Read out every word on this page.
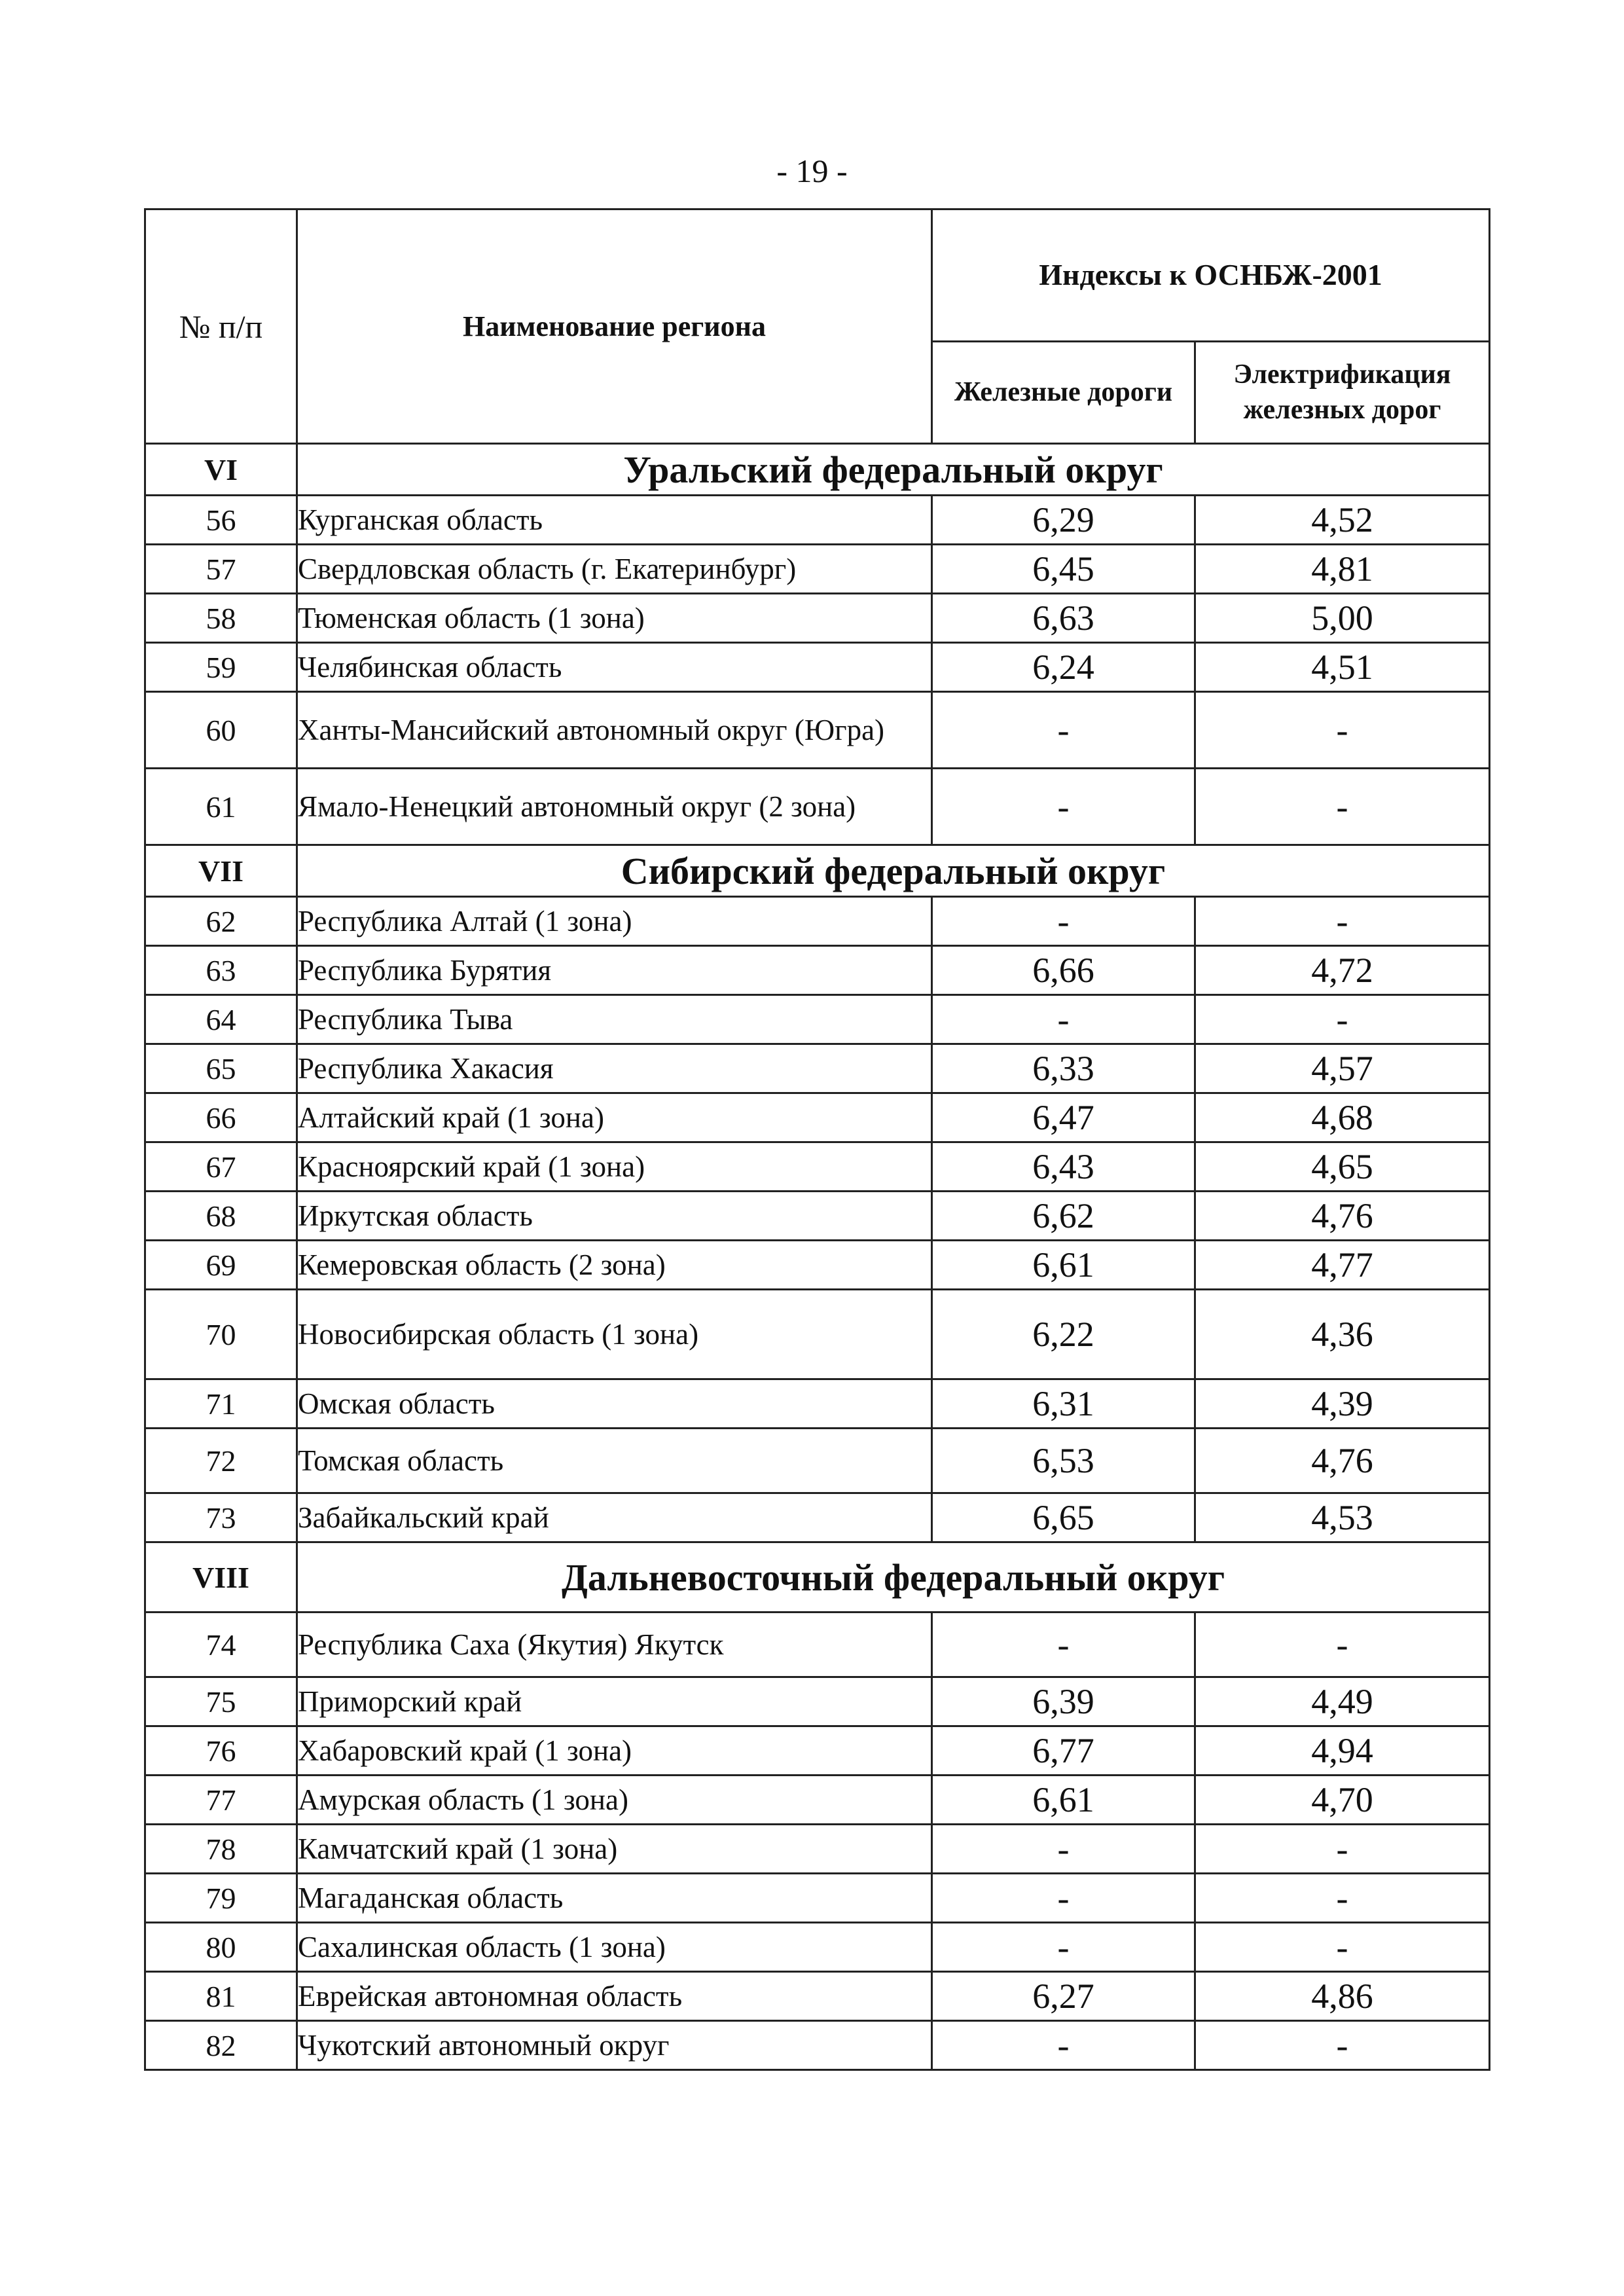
- 19 -
№ п/п	Наименование региона	Индексы к ОСНБЖ-2001	
		Железные дороги	Электрификация железных дорог
VI	Уральский федеральный округ		
56	Курганская область	6,29	4,52
57	Свердловская область (г. Екатеринбург)	6,45	4,81
58	Тюменская область (1 зона)	6,63	5,00
59	Челябинская область	6,24	4,51
60	Ханты-Мансийский автономный округ (Югра)	-	-
61	Ямало-Ненецкий автономный округ (2 зона)	-	-
VII	Сибирский федеральный округ		
62	Республика Алтай (1 зона)	-	-
63	Республика Бурятия	6,66	4,72
64	Республика Тыва	-	-
65	Республика Хакасия	6,33	4,57
66	Алтайский край (1 зона)	6,47	4,68
67	Красноярский край (1 зона)	6,43	4,65
68	Иркутская область	6,62	4,76
69	Кемеровская область (2 зона)	6,61	4,77
70	Новосибирская область (1 зона)	6,22	4,36
71	Омская область	6,31	4,39
72	Томская область	6,53	4,76
73	Забайкальский край	6,65	4,53
VIII	Дальневосточный федеральный округ		
74	Республика Саха (Якутия) Якутск	-	-
75	Приморский край	6,39	4,49
76	Хабаровский край (1 зона)	6,77	4,94
77	Амурская область (1 зона)	6,61	4,70
78	Камчатский край (1 зона)	-	-
79	Магаданская область	-	-
80	Сахалинская область (1 зона)	-	-
81	Еврейская автономная область	6,27	4,86
82	Чукотский автономный округ	-	-
